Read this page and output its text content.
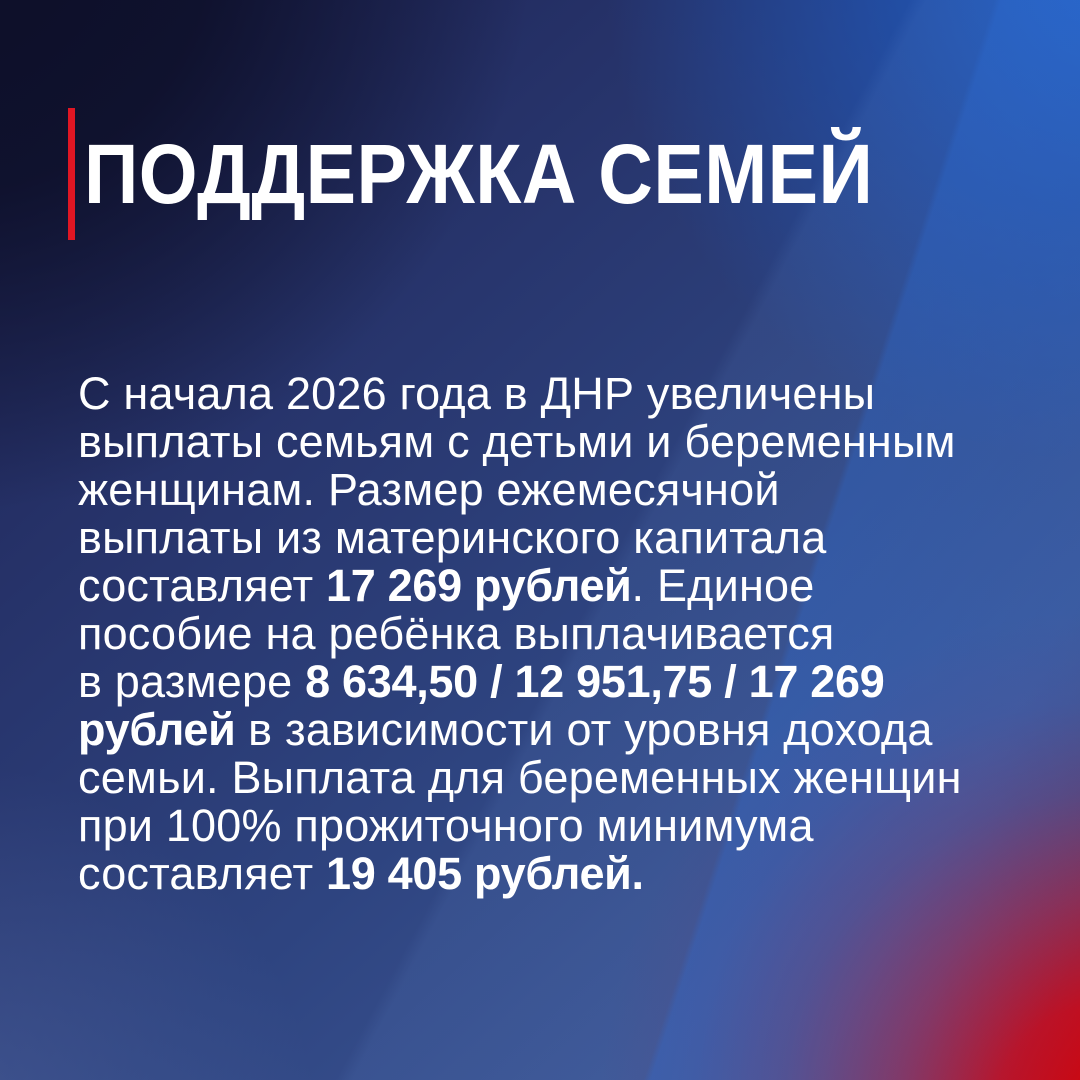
ПОДДЕРЖКА СЕМЕЙ
С начала 2026 года в ДНР увеличены
выплаты семьям с детьми и беременным
женщинам. Размер ежемесячной
выплаты из материнского капитала
составляет 17 269 рублей. Единое
пособие на ребёнка выплачивается
в размере 8 634,50 / 12 951,75 / 17 269
рублей в зависимости от уровня дохода
семьи. Выплата для беременных женщин
при 100% прожиточного минимума
составляет 19 405 рублей.
